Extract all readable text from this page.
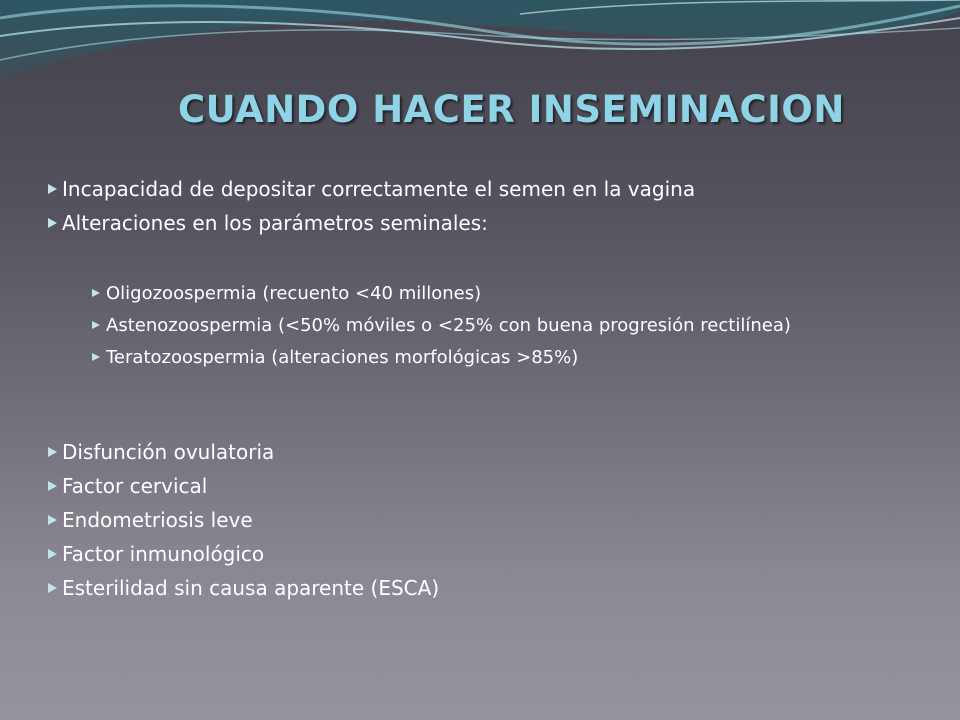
CUANDO HACER INSEMINACION
Incapacidad de depositar correctamente el semen en la vagina
Alteraciones en los parámetros seminales:
Oligozoospermia (recuento <40 millones)
Astenozoospermia (<50% móviles o <25% con buena progresión rectilínea)
Teratozoospermia (alteraciones morfológicas >85%)
Disfunción ovulatoria
Factor cervical
Endometriosis leve
Factor inmunológico
Esterilidad sin causa aparente (ESCA)
